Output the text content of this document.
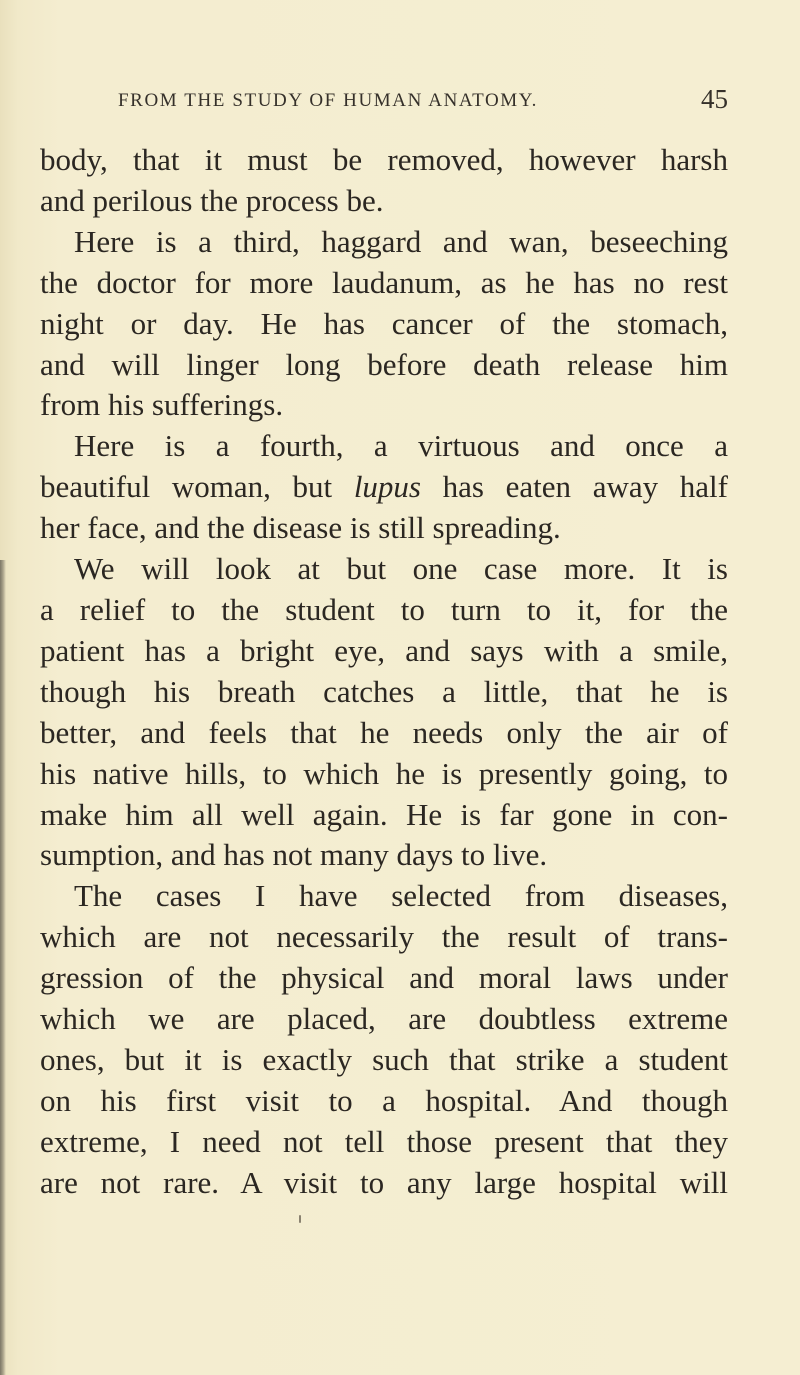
FROM THE STUDY OF HUMAN ANATOMY.	45
body, that it must be removed, however harsh
and perilous the process be.
Here is a third, haggard and wan, beseeching
the doctor for more laudanum, as he has no rest
night or day. He has cancer of the stomach,
and will linger long before death release him
from his sufferings.
Here is a fourth, a virtuous and once a
beautiful woman, but lupus has eaten away half
her face, and the disease is still spreading.
We will look at but one case more. It is
a relief to the student to turn to it, for the
patient has a bright eye, and says with a smile,
though his breath catches a little, that he is
better, and feels that he needs only the air of
his native hills, to which he is presently going, to
make him all well again. He is far gone in con-
sumption, and has not many days to live.
The cases I have selected from diseases,
which are not necessarily the result of trans-
gression of the physical and moral laws under
which we are placed, are doubtless extreme
ones, but it is exactly such that strike a student
on his first visit to a hospital. And though
extreme, I need not tell those present that they
are not rare. A visit to any large hospital will
